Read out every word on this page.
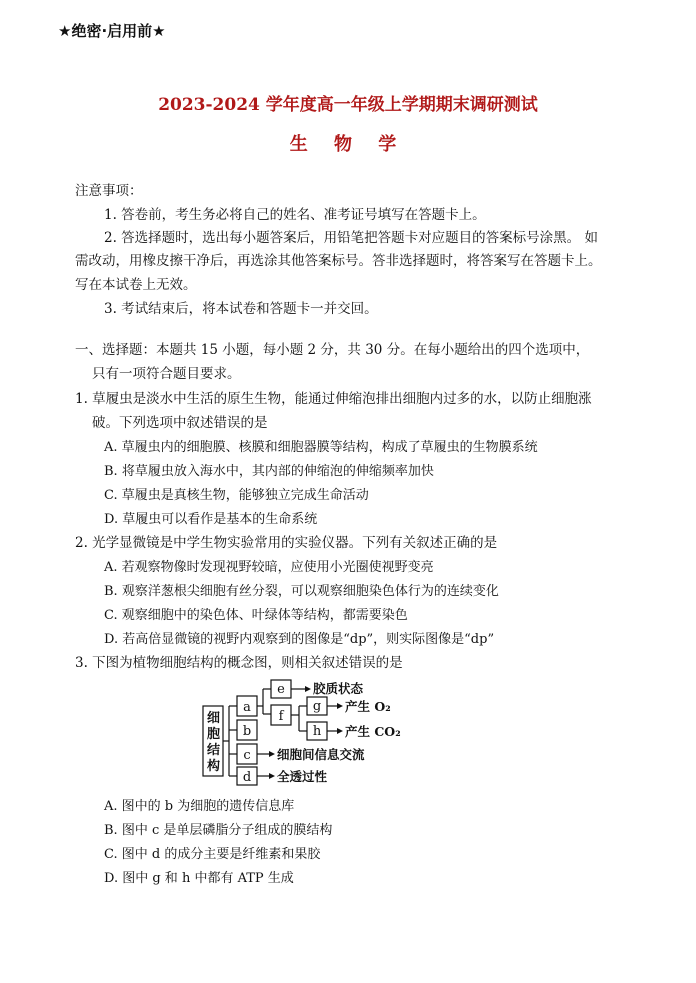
★绝密·启用前★
2023-2024 学年度高一年级上学期期末调研测试
生 物 学
注意事项：
1. 答卷前，考生务必将自己的姓名、准考证号填写在答题卡上。
2. 答选择题时，选出每小题答案后，用铅笔把答题卡对应题目的答案标号涂黑。 如
需改动，用橡皮擦干净后，再选涂其他答案标号。答非选择题时，将答案写在答题卡上。
写在本试卷上无效。
3. 考试结束后，将本试卷和答题卡一并交回。
一、选择题：本题共 15 小题，每小题 2 分，共 30 分。在每小题给出的四个选项中，
只有一项符合题目要求。
1. 草履虫是淡水中生活的原生生物，能通过伸缩泡排出细胞内过多的水，以防止细胞涨
破。下列选项中叙述错误的是
A. 草履虫内的细胞膜、核膜和细胞器膜等结构，构成了草履虫的生物膜系统
B. 将草履虫放入海水中，其内部的伸缩泡的伸缩频率加快
C. 草履虫是真核生物，能够独立完成生命活动
D. 草履虫可以看作是基本的生命系统
2. 光学显微镜是中学生物实验常用的实验仪器。下列有关叙述正确的是
A. 若观察物像时发现视野较暗，应使用小光圈使视野变亮
B. 观察洋葱根尖细胞有丝分裂，可以观察细胞染色体行为的连续变化
C. 观察细胞中的染色体、叶绿体等结构，都需要染色
D. 若高倍显微镜的视野内观察到的图像是“dp”，则实际图像是“dp”
3. 下图为植物细胞结构的概念图，则相关叙述错误的是
细
胞
结
构
a
b
c
d
e
f
g
h
胶质状态
产生 O₂
产生 CO₂
细胞间信息交流
全透过性
A. 图中的 b 为细胞的遗传信息库
B. 图中 c 是单层磷脂分子组成的膜结构
C. 图中 d 的成分主要是纤维素和果胶
D. 图中 g 和 h 中都有 ATP 生成
